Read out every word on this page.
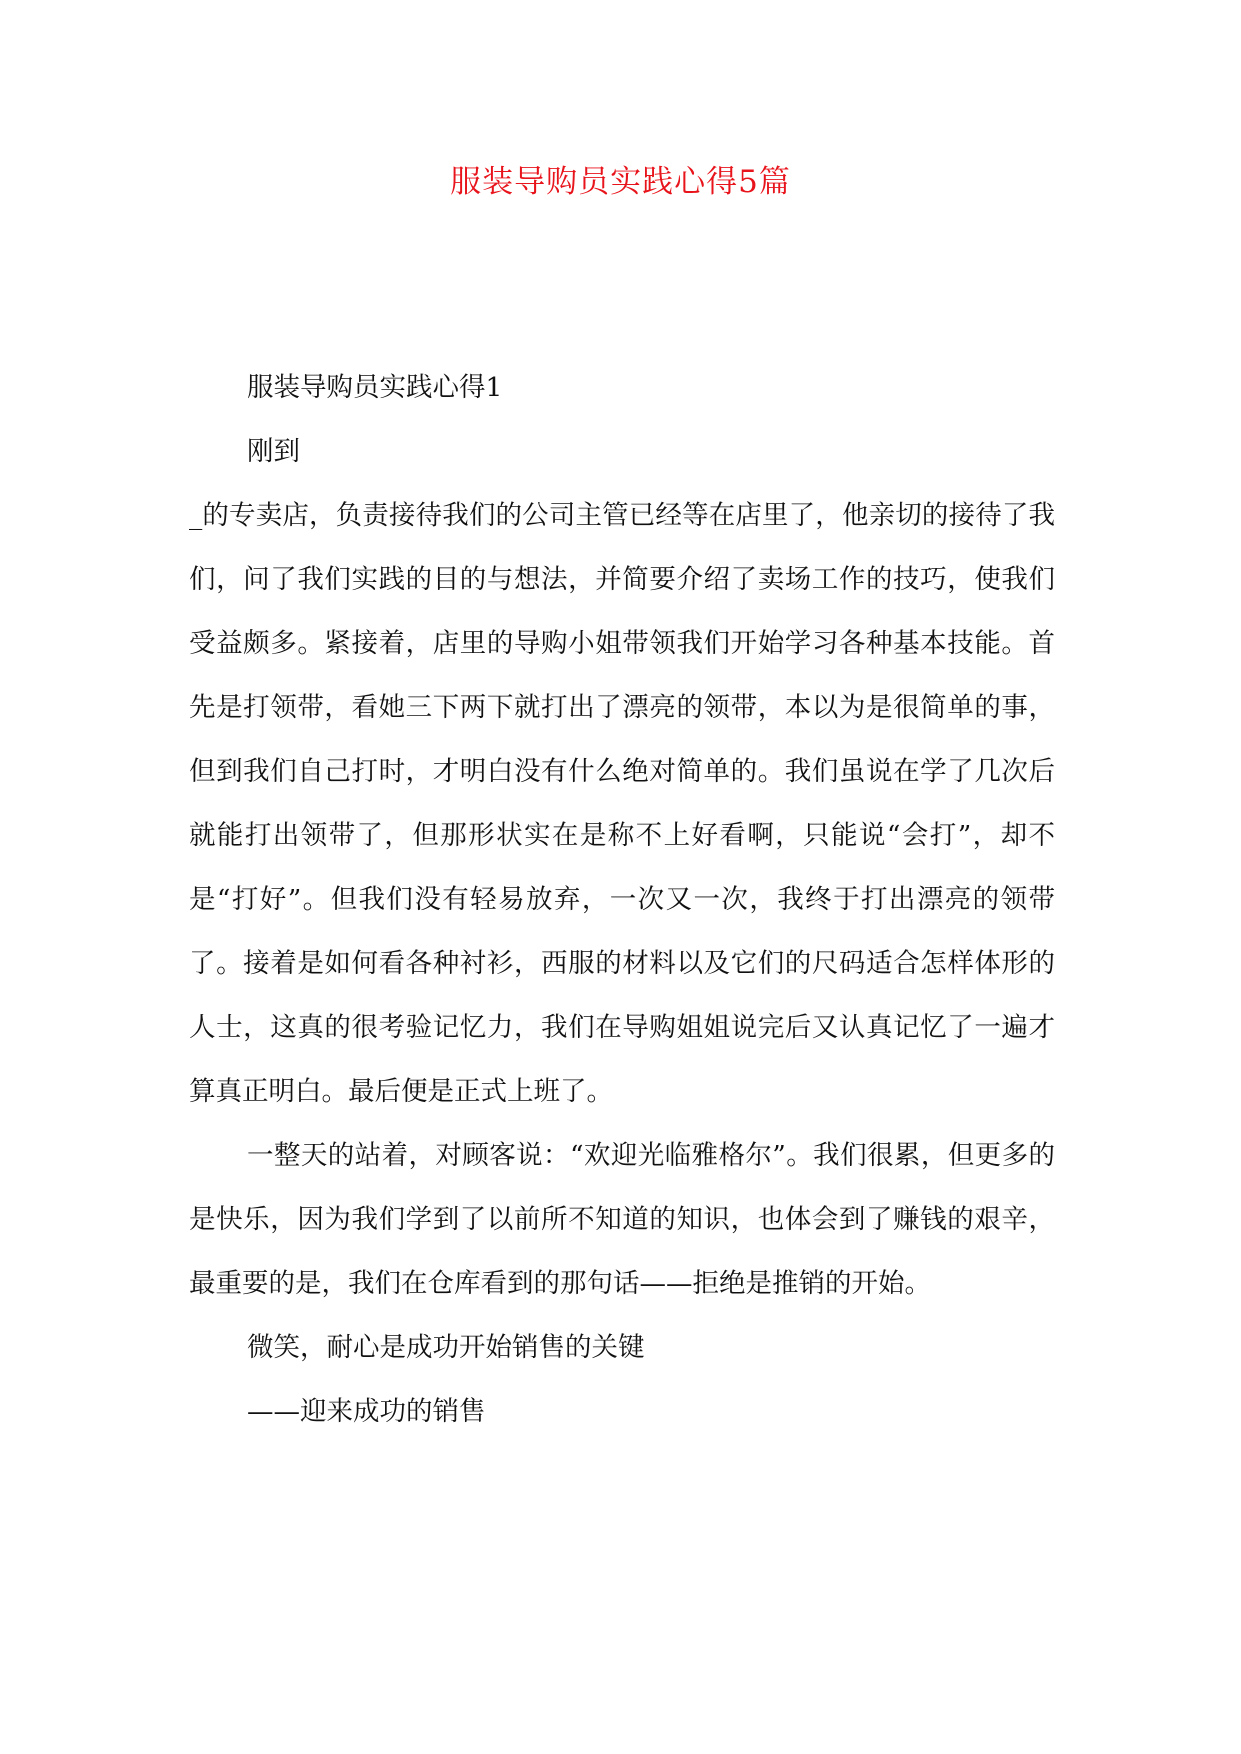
服装导购员实践心得5篇

服装导购员实践心得1

刚到

_的专卖店，负责接待我们的公司主管已经等在店里了，他亲切的接待了我们，问了我们实践的目的与想法，并简要介绍了卖场工作的技巧，使我们受益颇多。紧接着，店里的导购小姐带领我们开始学习各种基本技能。首先是打领带，看她三下两下就打出了漂亮的领带，本以为是很简单的事，但到我们自己打时，才明白没有什么绝对简单的。我们虽说在学了几次后就能打出领带了，但那形状实在是称不上好看啊，只能说“会打”，却不是“打好”。但我们没有轻易放弃，一次又一次，我终于打出漂亮的领带了。接着是如何看各种衬衫，西服的材料以及它们的尺码适合怎样体形的人士，这真的很考验记忆力，我们在导购姐姐说完后又认真记忆了一遍才算真正明白。最后便是正式上班了。

一整天的站着，对顾客说：“欢迎光临雅格尔”。我们很累，但更多的是快乐，因为我们学到了以前所不知道的知识，也体会到了赚钱的艰辛，最重要的是，我们在仓库看到的那句话——拒绝是推销的开始。

微笑，耐心是成功开始销售的关键

——迎来成功的销售
